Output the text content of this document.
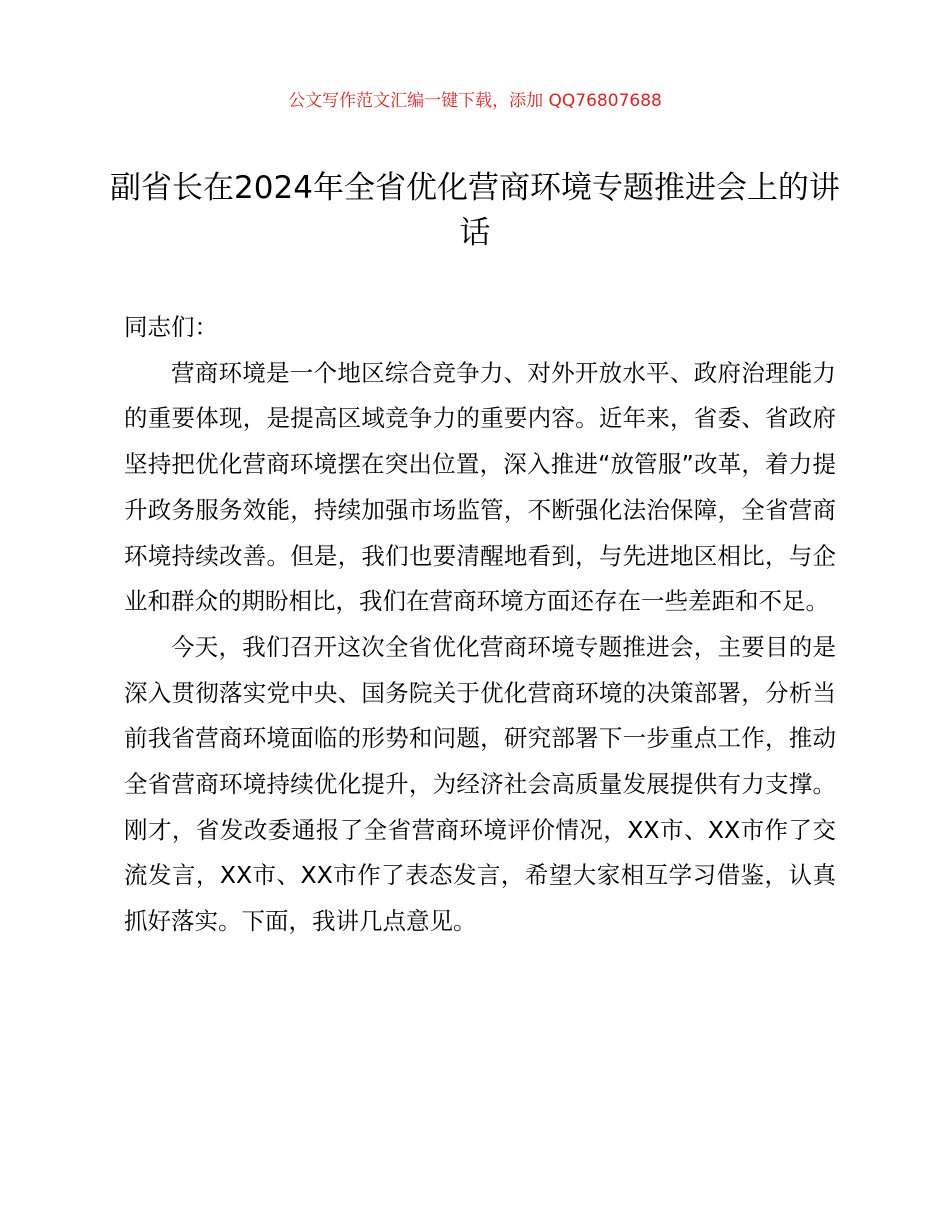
公文写作范文汇编一键下载，添加 QQ76807688
副省长在2024年全省优化营商环境专题推进会上的讲话

同志们：

营商环境是一个地区综合竞争力、对外开放水平、政府治理能力的重要体现，是提高区域竞争力的重要内容。近年来，省委、省政府坚持把优化营商环境摆在突出位置，深入推进“放管服”改革，着力提升政务服务效能，持续加强市场监管，不断强化法治保障，全省营商环境持续改善。但是，我们也要清醒地看到，与先进地区相比，与企业和群众的期盼相比，我们在营商环境方面还存在一些差距和不足。

今天，我们召开这次全省优化营商环境专题推进会，主要目的是深入贯彻落实党中央、国务院关于优化营商环境的决策部署，分析当前我省营商环境面临的形势和问题，研究部署下一步重点工作，推动全省营商环境持续优化提升，为经济社会高质量发展提供有力支撑。刚才，省发改委通报了全省营商环境评价情况，XX市、XX市作了交流发言，XX市、XX市作了表态发言，希望大家相互学习借鉴，认真抓好落实。下面，我讲几点意见。
